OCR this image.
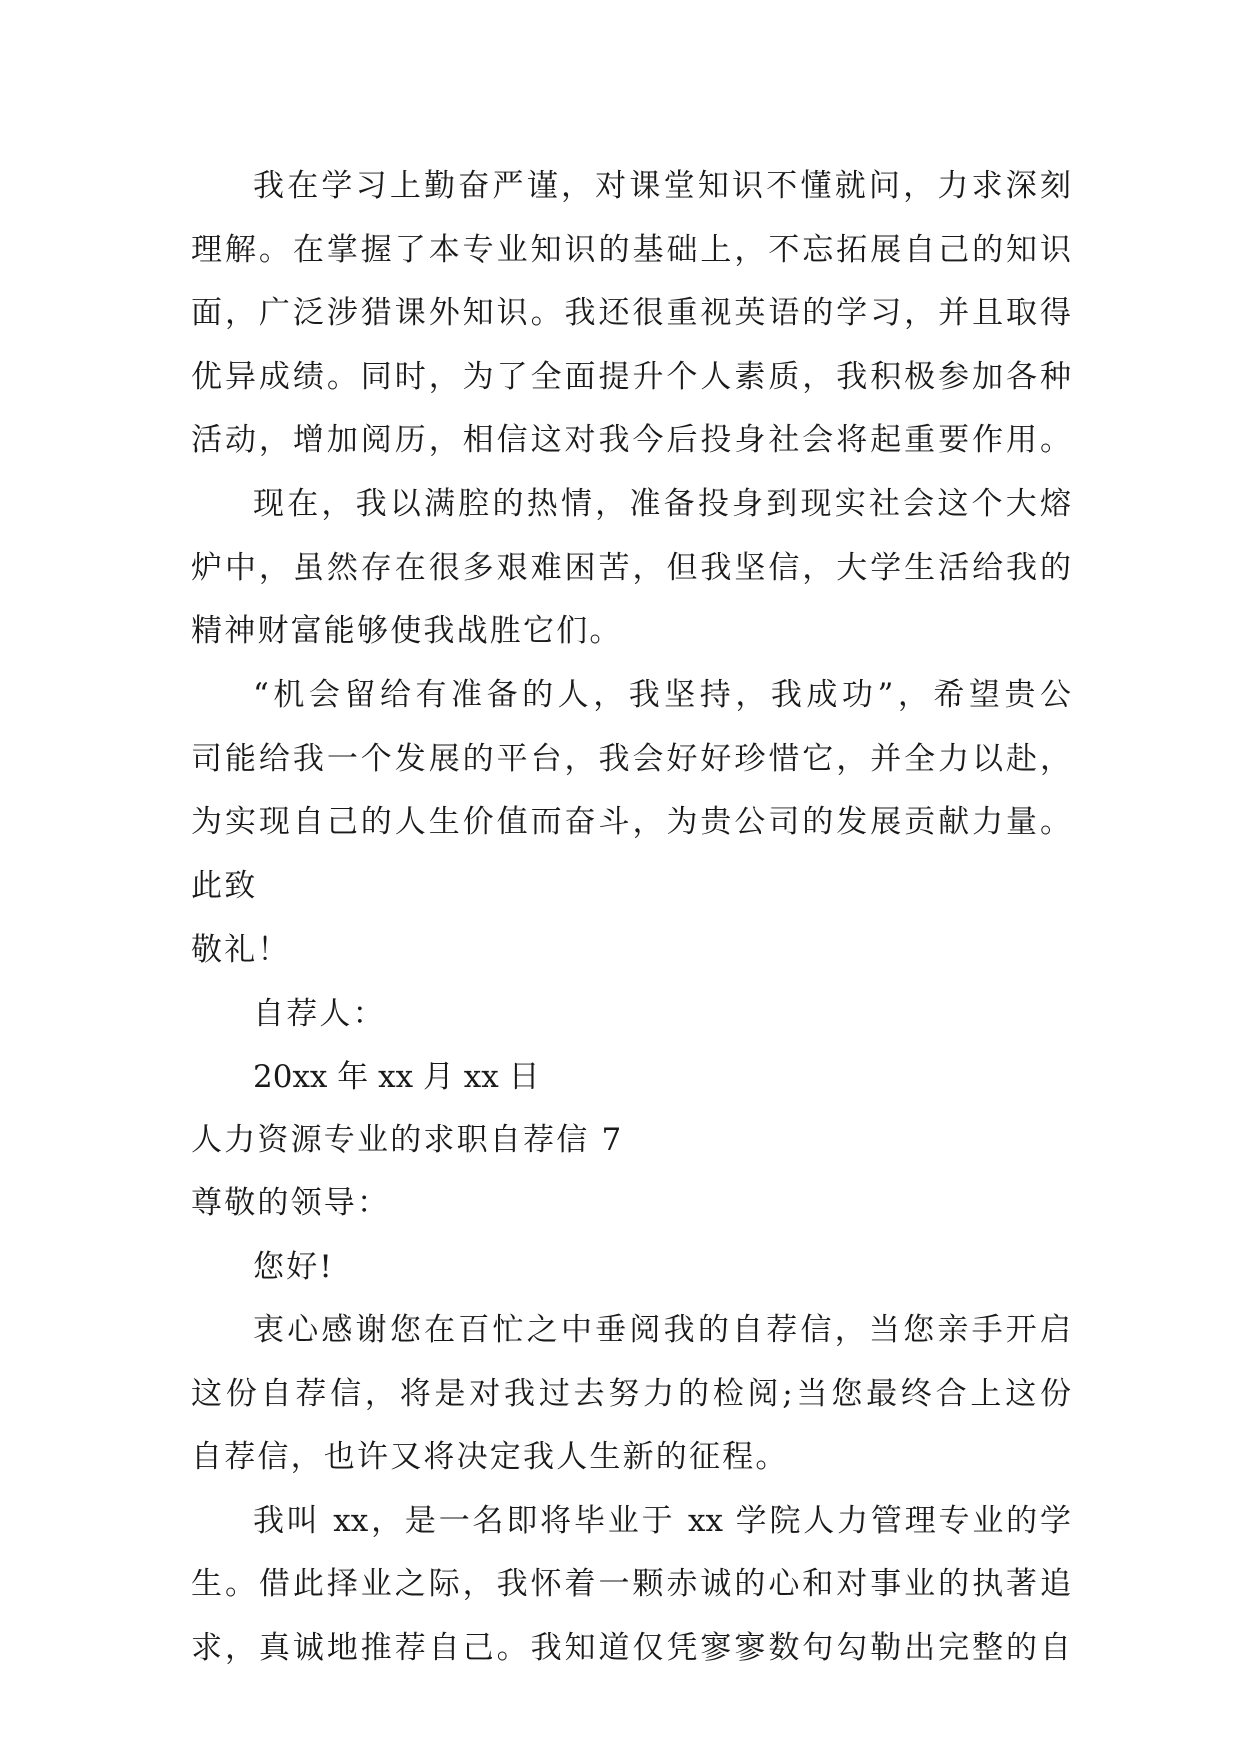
我在学习上勤奋严谨，对课堂知识不懂就问，力求深刻
理解。在掌握了本专业知识的基础上，不忘拓展自己的知识
面，广泛涉猎课外知识。我还很重视英语的学习，并且取得
优异成绩。同时，为了全面提升个人素质，我积极参加各种
活动，增加阅历，相信这对我今后投身社会将起重要作用。
现在，我以满腔的热情，准备投身到现实社会这个大熔
炉中，虽然存在很多艰难困苦，但我坚信，大学生活给我的
精神财富能够使我战胜它们。
“机会留给有准备的人，我坚持，我成功”，希望贵公
司能给我一个发展的平台，我会好好珍惜它，并全力以赴，
为实现自己的人生价值而奋斗，为贵公司的发展贡献力量。
此致
敬礼！
自荐人：
20xx 年 xx 月 xx 日
人力资源专业的求职自荐信 7
尊敬的领导：
您好!
衷心感谢您在百忙之中垂阅我的自荐信，当您亲手开启
这份自荐信，将是对我过去努力的检阅;当您最终合上这份
自荐信，也许又将决定我人生新的征程。
我叫 xx，是一名即将毕业于 xx 学院人力管理专业的学
生。借此择业之际，我怀着一颗赤诚的心和对事业的执著追
求，真诚地推荐自己。我知道仅凭寥寥数句勾勒出完整的自
